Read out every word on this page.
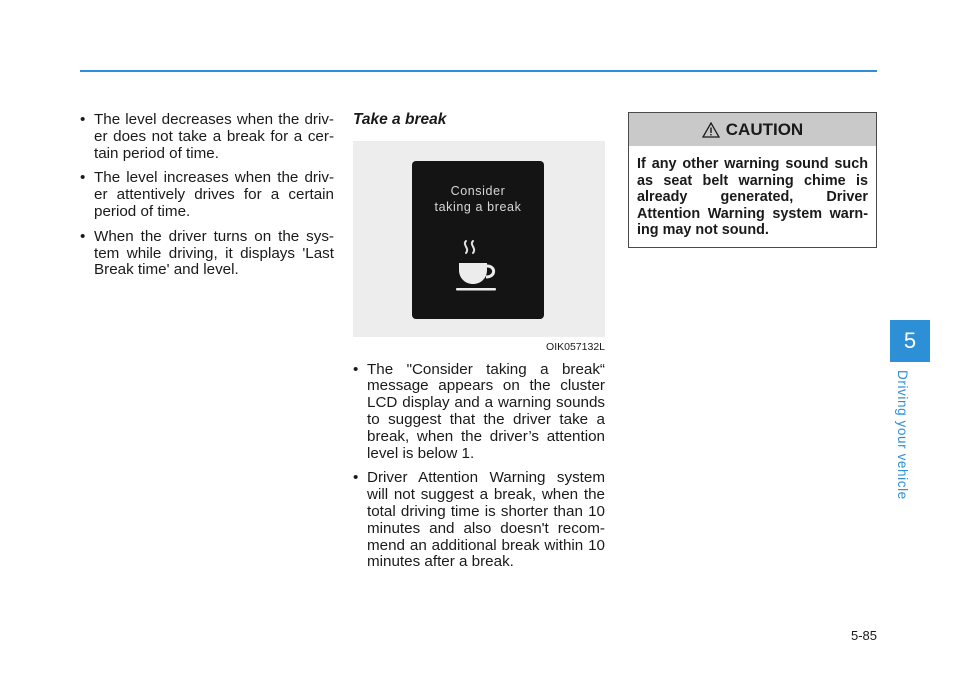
• The level decreases when the driv- er does not take a break for a cer- tain period of time.
• The level increases when the driv- er attentively drives for a certain period of time.
• When the driver turns on the sys- tem while driving, it displays 'Last Break time' and level.
Take a break
Consider
taking a break
OIK057132L
• The "Consider taking a break“ message appears on the cluster LCD display and a warning sounds to suggest that the driver take a break, when the driver’s attention level is below 1.
• Driver Attention Warning system will not suggest a break, when the total driving time is shorter than 10 minutes and also doesn't recom- mend an additional break within 10 minutes after a break.
CAUTION
If any other warning sound such as seat belt warning chime is already generated, Driver Attention Warning system warn- ing may not sound.
5
Driving your vehicle
5-85
